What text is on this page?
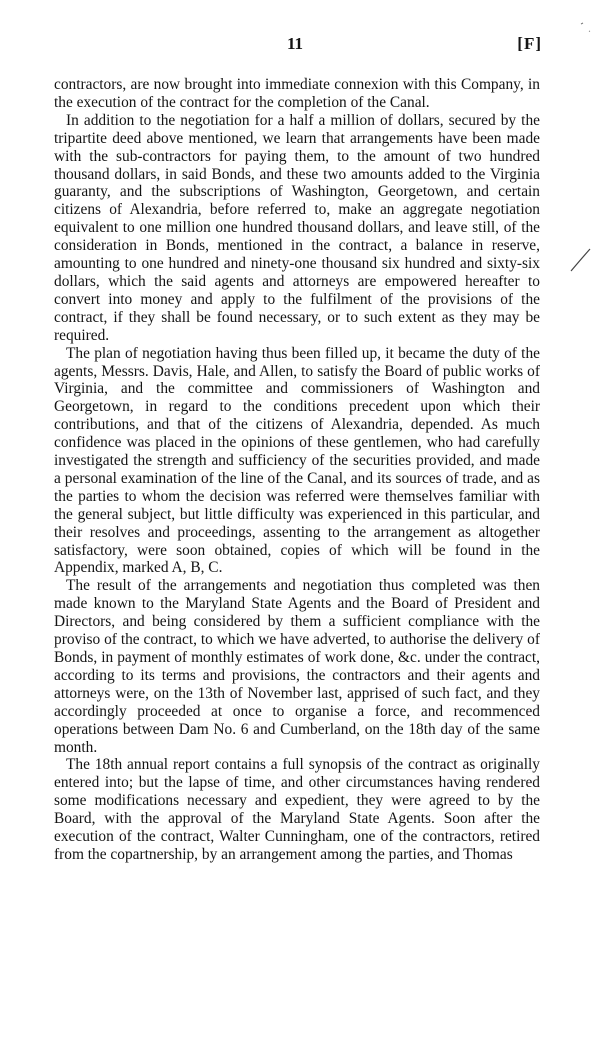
11	[F]

contractors, are now brought into immediate connexion with this Company, in the execution of the contract for the completion of the Canal.

In addition to the negotiation for a half a million of dollars, secured by the tripartite deed above mentioned, we learn that arrangements have been made with the sub-contractors for paying them, to the amount of two hundred thousand dollars, in said Bonds, and these two amounts added to the Virginia guaranty, and the subscriptions of Washington, Georgetown, and certain citizens of Alexandria, before referred to, make an aggregate negotiation equivalent to one million one hundred thousand dollars, and leave still, of the consideration in Bonds, mentioned in the contract, a balance in reserve, amounting to one hundred and ninety-one thousand six hundred and sixty-six dollars, which the said agents and attorneys are empowered hereafter to convert into money and apply to the fulfilment of the provisions of the contract, if they shall be found necessary, or to such extent as they may be required.

The plan of negotiation having thus been filled up, it became the duty of the agents, Messrs. Davis, Hale, and Allen, to satisfy the Board of public works of Virginia, and the committee and commissioners of Washington and Georgetown, in regard to the conditions precedent upon which their contributions, and that of the citizens of Alexandria, depended. As much confidence was placed in the opinions of these gentlemen, who had carefully investigated the strength and sufficiency of the securities provided, and made a personal examination of the line of the Canal, and its sources of trade, and as the parties to whom the decision was referred were themselves familiar with the general subject, but little difficulty was experienced in this particular, and their resolves and proceedings, assenting to the arrangement as altogether satisfactory, were soon obtained, copies of which will be found in the Appendix, marked A, B, C.

The result of the arrangements and negotiation thus completed was then made known to the Maryland State Agents and the Board of President and Directors, and being considered by them a sufficient compliance with the proviso of the contract, to which we have adverted, to authorise the delivery of Bonds, in payment of monthly estimates of work done, &c. under the contract, according to its terms and provisions, the contractors and their agents and attorneys were, on the 13th of November last, apprised of such fact, and they accordingly proceeded at once to organise a force, and recommenced operations between Dam No. 6 and Cumberland, on the 18th day of the same month.

The 18th annual report contains a full synopsis of the contract as originally entered into; but the lapse of time, and other circumstances having rendered some modifications necessary and expedient, they were agreed to by the Board, with the approval of the Maryland State Agents. Soon after the execution of the contract, Walter Cunningham, one of the contractors, retired from the copartnership, by an arrangement among the parties, and Thomas
